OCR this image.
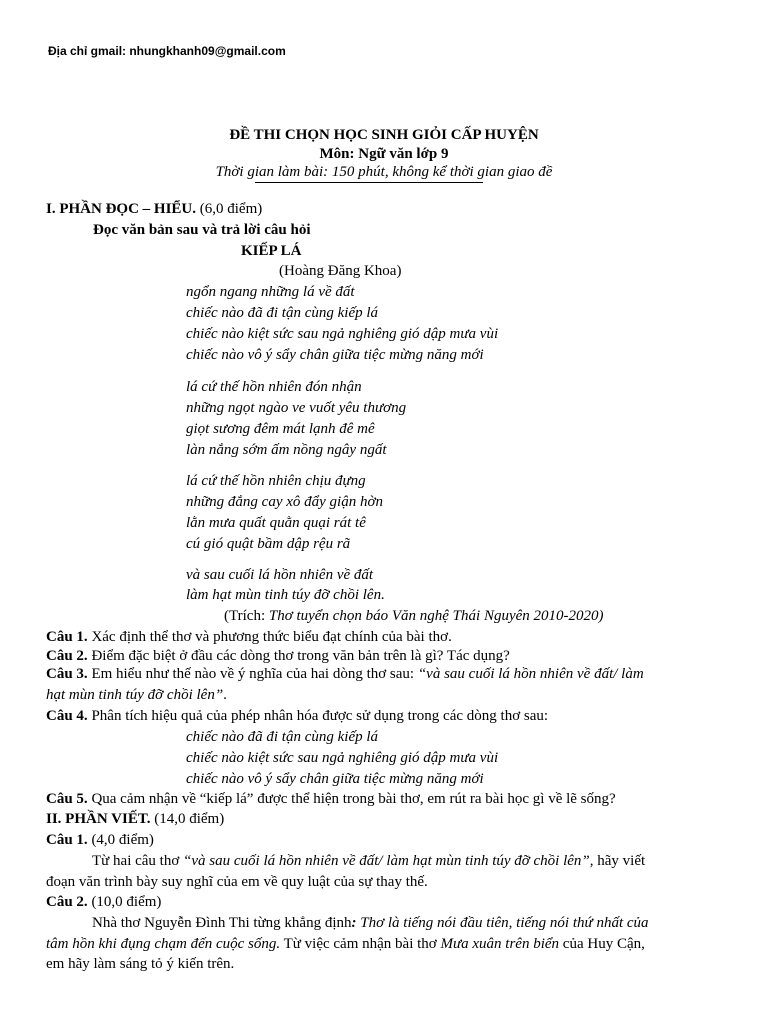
Địa chỉ gmail: nhungkhanh09@gmail.com
ĐỀ THI CHỌN HỌC SINH GIỎI CẤP HUYỆN
Môn: Ngữ văn lớp 9
Thời gian làm bài: 150 phút, không kể thời gian giao đề
I. PHẦN ĐỌC – HIỂU. (6,0 điểm)
Đọc văn bản sau và trả lời câu hỏi
KIẾP LÁ
(Hoàng Đăng Khoa)
ngổn ngang những lá về đất
chiếc nào đã đi tận cùng kiếp lá
chiếc nào kiệt sức sau ngả nghiêng gió dập mưa vùi
chiếc nào vô ý sẩy chân giữa tiệc mừng năng mới
lá cứ thế hồn nhiên đón nhận
những ngọt ngào ve vuốt yêu thương
giọt sương đêm mát lạnh đê mê
làn nắng sớm ấm nồng ngây ngất
lá cứ thế hồn nhiên chịu đựng
những đắng cay xô đẩy giận hờn
lằn mưa quất quằn quại rát tê
cú gió quật bầm dập rệu rã
và sau cuối lá hồn nhiên về đất
làm hạt mùn tinh túy đỡ chồi lên.
(Trích: Thơ tuyển chọn báo Văn nghệ Thái Nguyên 2010-2020)
Câu 1. Xác định thể thơ và phương thức biểu đạt chính của bài thơ.
Câu 2. Điểm đặc biệt ở đầu các dòng thơ trong văn bản trên là gì? Tác dụng?
Câu 3. Em hiểu như thế nào về ý nghĩa của hai dòng thơ sau: “và sau cuối lá hồn nhiên về đất/ làm
hạt mùn tinh túy đỡ chồi lên”.
Câu 4. Phân tích hiệu quả của phép nhân hóa được sử dụng trong các dòng thơ sau:
chiếc nào đã đi tận cùng kiếp lá
chiếc nào kiệt sức sau ngả nghiêng gió dập mưa vùi
chiếc nào vô ý sẩy chân giữa tiệc mừng năng mới
Câu 5. Qua cảm nhận về “kiếp lá” được thể hiện trong bài thơ, em rút ra bài học gì về lẽ sống?
II. PHẦN VIẾT. (14,0 điểm)
Câu 1. (4,0 điểm)
Từ hai câu thơ “và sau cuối lá hồn nhiên về đất/ làm hạt mùn tinh túy đỡ chồi lên”, hãy viết
đoạn văn trình bày suy nghĩ của em về quy luật của sự thay thế.
Câu 2. (10,0 điểm)
Nhà thơ Nguyễn Đình Thi từng khẳng định: Thơ là tiếng nói đầu tiên, tiếng nói thứ nhất của
tâm hồn khi đụng chạm đến cuộc sống. Từ việc cảm nhận bài thơ Mưa xuân trên biển của Huy Cận,
em hãy làm sáng tỏ ý kiến trên.
